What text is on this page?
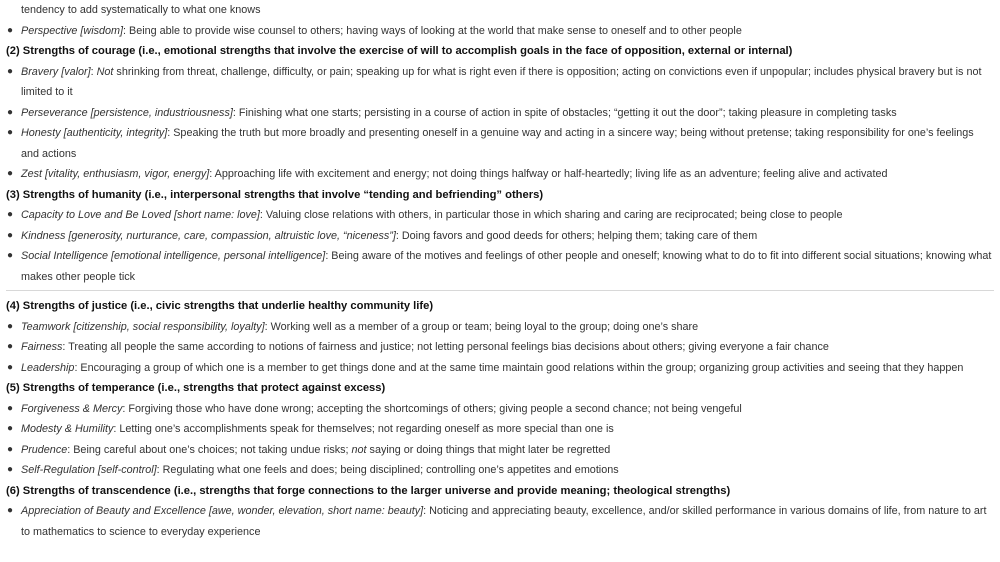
tendency to add systematically to what one knows
● Perspective [wisdom]: Being able to provide wise counsel to others; having ways of looking at the world that make sense to oneself and to other people
(2) Strengths of courage (i.e., emotional strengths that involve the exercise of will to accomplish goals in the face of opposition, external or internal)
● Bravery [valor]: Not shrinking from threat, challenge, difficulty, or pain; speaking up for what is right even if there is opposition; acting on convictions even if unpopular; includes physical bravery but is not limited to it
● Perseverance [persistence, industriousness]: Finishing what one starts; persisting in a course of action in spite of obstacles; “getting it out the door”; taking pleasure in completing tasks
● Honesty [authenticity, integrity]: Speaking the truth but more broadly and presenting oneself in a genuine way and acting in a sincere way; being without pretense; taking responsibility for one’s feelings and actions
● Zest [vitality, enthusiasm, vigor, energy]: Approaching life with excitement and energy; not doing things halfway or half-heartedly; living life as an adventure; feeling alive and activated
(3) Strengths of humanity (i.e., interpersonal strengths that involve “tending and befriending” others)
● Capacity to Love and Be Loved [short name: love]: Valuing close relations with others, in particular those in which sharing and caring are reciprocated; being close to people
● Kindness [generosity, nurturance, care, compassion, altruistic love, “niceness”]: Doing favors and good deeds for others; helping them; taking care of them
● Social Intelligence [emotional intelligence, personal intelligence]: Being aware of the motives and feelings of other people and oneself; knowing what to do to fit into different social situations; knowing what makes other people tick
(4) Strengths of justice (i.e., civic strengths that underlie healthy community life)
● Teamwork [citizenship, social responsibility, loyalty]: Working well as a member of a group or team; being loyal to the group; doing one’s share
● Fairness: Treating all people the same according to notions of fairness and justice; not letting personal feelings bias decisions about others; giving everyone a fair chance
● Leadership: Encouraging a group of which one is a member to get things done and at the same time maintain good relations within the group; organizing group activities and seeing that they happen
(5) Strengths of temperance (i.e., strengths that protect against excess)
● Forgiveness & Mercy: Forgiving those who have done wrong; accepting the shortcomings of others; giving people a second chance; not being vengeful
● Modesty & Humility: Letting one’s accomplishments speak for themselves; not regarding oneself as more special than one is
● Prudence: Being careful about one’s choices; not taking undue risks; not saying or doing things that might later be regretted
● Self-Regulation [self-control]: Regulating what one feels and does; being disciplined; controlling one’s appetites and emotions
(6) Strengths of transcendence (i.e., strengths that forge connections to the larger universe and provide meaning; theological strengths)
● Appreciation of Beauty and Excellence [awe, wonder, elevation, short name: beauty]: Noticing and appreciating beauty, excellence, and/or skilled performance in various domains of life, from nature to art to mathematics to science to everyday experience
